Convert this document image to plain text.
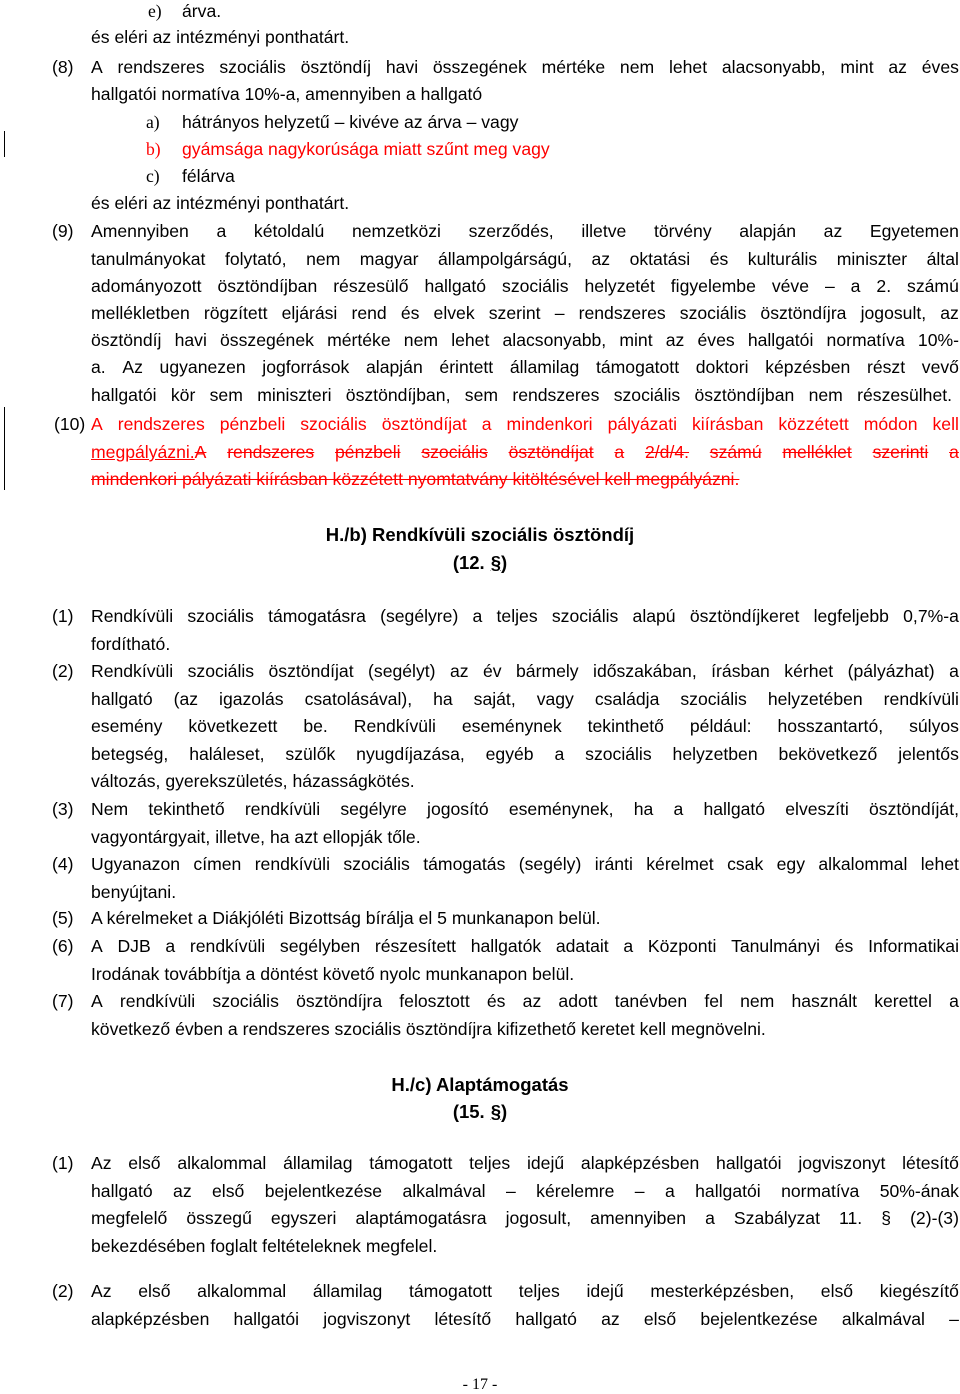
e) árva.
és eléri az intézményi ponthatárt.
(8) A rendszeres szociális ösztöndíj havi összegének mértéke nem lehet alacsonyabb, mint az éves
hallgatói normatíva 10%-a, amennyiben a hallgató
a) hátrányos helyzetű – kivéve az árva – vagy
b) gyámsága nagykorúsága miatt szűnt meg vagy
c) félárva
és eléri az intézményi ponthatárt.
(9) Amennyiben a kétoldalú nemzetközi szerződés, illetve törvény alapján az Egyetemen
tanulmányokat folytató, nem magyar állampolgárságú, az oktatási és kulturális miniszter által
adományozott ösztöndíjban részesülő hallgató szociális helyzetét figyelembe véve – a 2. számú
mellékletben rögzített eljárási rend és elvek szerint – rendszeres szociális ösztöndíjra jogosult, az
ösztöndíj havi összegének mértéke nem lehet alacsonyabb, mint az éves hallgatói normatíva 10%-
a. Az ugyanezen jogforrások alapján érintett államilag támogatott doktori képzésben részt vevő
hallgatói kör sem miniszteri ösztöndíjban, sem rendszeres szociális ösztöndíjban nem részesülhet.
(10) A rendszeres pénzbeli szociális ösztöndíjat a mindenkori pályázati kiírásban közzétett módon kell
megpályázni. A rendszeres pénzbeli szociális ösztöndíjat a 2/d/4. számú melléklet szerinti a
mindenkori pályázati kiírásban közzétett nyomtatvány kitöltésével kell megpályázni.
H./b) Rendkívüli szociális ösztöndíj
(12. §)
(1) Rendkívüli szociális támogatásra (segélyre) a teljes szociális alapú ösztöndíjkeret legfeljebb 0,7%-a
fordítható.
(2) Rendkívüli szociális ösztöndíjat (segélyt) az év bármely időszakában, írásban kérhet (pályázhat) a
hallgató (az igazolás csatolásával), ha saját, vagy családja szociális helyzetében rendkívüli
esemény következett be. Rendkívüli eseménynek tekinthető például: hosszantartó, súlyos
betegség, haláleset, szülők nyugdíjazása, egyéb a szociális helyzetben bekövetkező jelentős
változás, gyerekszületés, házasságkötés.
(3) Nem tekinthető rendkívüli segélyre jogosító eseménynek, ha a hallgató elveszíti ösztöndíját,
vagyontárgyait, illetve, ha azt ellopják tőle.
(4) Ugyanazon címen rendkívüli szociális támogatás (segély) iránti kérelmet csak egy alkalommal lehet
benyújtani.
(5) A kérelmeket a Diákjóléti Bizottság bírálja el 5 munkanapon belül.
(6) A DJB a rendkívüli segélyben részesített hallgatók adatait a Központi Tanulmányi és Informatikai
Irodának továbbítja a döntést követő nyolc munkanapon belül.
(7) A rendkívüli szociális ösztöndíjra felosztott és az adott tanévben fel nem használt kerettel a
következő évben a rendszeres szociális ösztöndíjra kifizethető keretet kell megnövelni.
H./c) Alaptámogatás
(15. §)
(1) Az első alkalommal államilag támogatott teljes idejű alapképzésben hallgatói jogviszonyt létesítő
hallgató az első bejelentkezése alkalmával – kérelemre – a hallgatói normatíva 50%-ának
megfelelő összegű egyszeri alaptámogatásra jogosult, amennyiben a Szabályzat 11. § (2)-(3)
bekezdésében foglalt feltételeknek megfelel.
(2) Az első alkalommal államilag támogatott teljes idejű mesterképzésben, első kiegészítő
alapképzésben hallgatói jogviszonyt létesítő hallgató az első bejelentkezése alkalmával –
- 17 -
